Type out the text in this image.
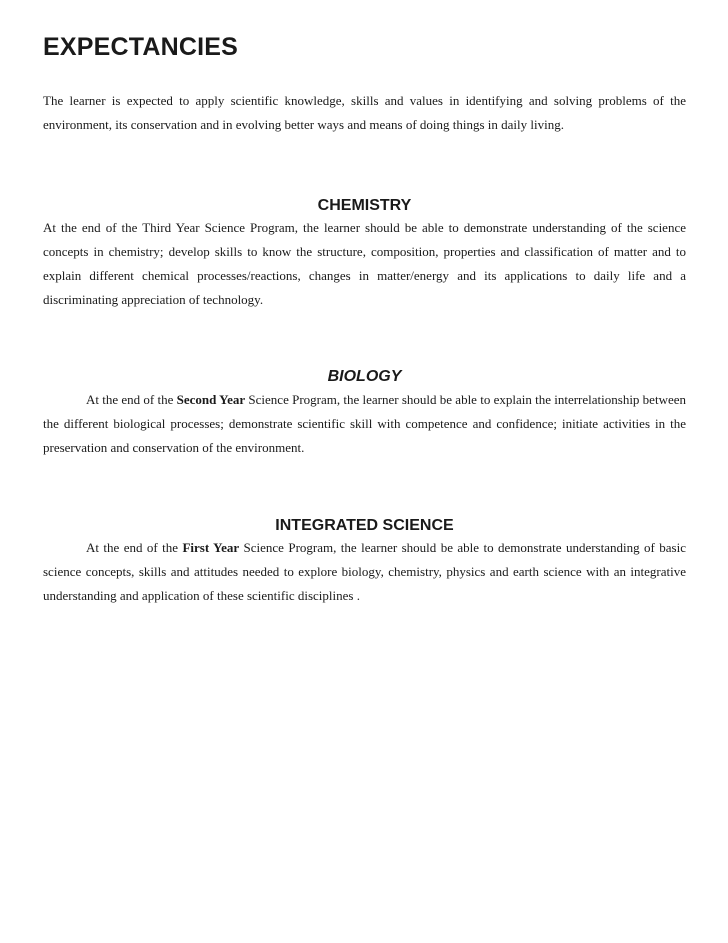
EXPECTANCIES

The learner is expected to apply scientific knowledge, skills and values in identifying and solving problems of the environment, its conservation and in evolving better ways and means of doing things in daily living.

CHEMISTRY

At the end of the Third Year Science Program, the learner should be able to demonstrate understanding of the science concepts in chemistry; develop skills to know the structure, composition, properties and classification of matter and to explain different chemical processes/reactions, changes in matter/energy and its applications to daily life and a discriminating appreciation of technology.

BIOLOGY

At the end of the Second Year Science Program, the learner should be able to explain the interrelationship between the different biological processes; demonstrate scientific skill with competence and confidence; initiate activities in the preservation and conservation of the environment.

INTEGRATED SCIENCE

At the end of the First Year Science Program, the learner should be able to demonstrate understanding of basic science concepts, skills and attitudes needed to explore biology, chemistry, physics and earth science with an integrative understanding and application of these scientific disciplines .
